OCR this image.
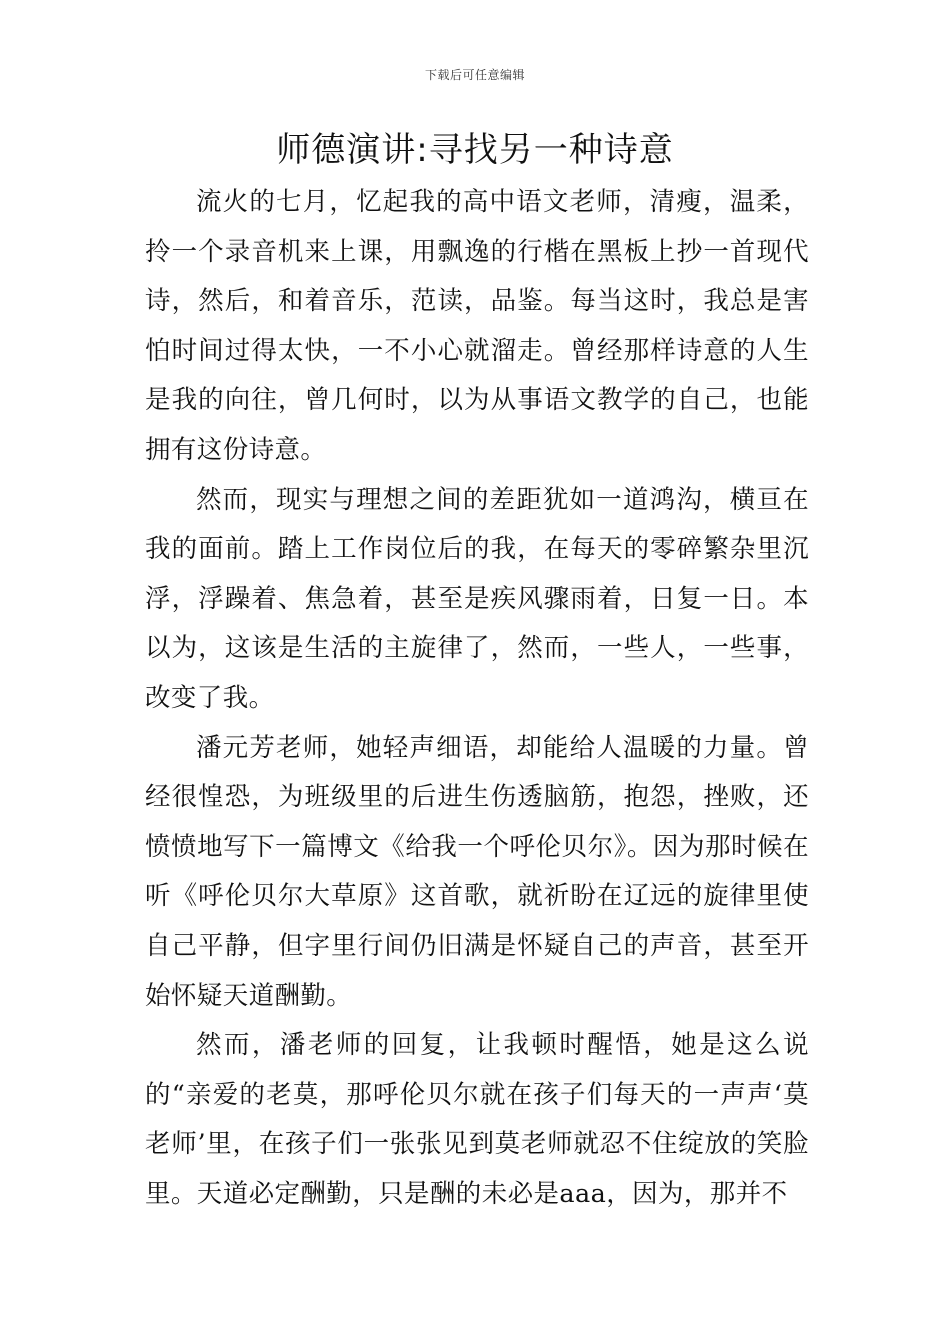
下载后可任意编辑
师德演讲:寻找另一种诗意

流火的七月，忆起我的高中语文老师，清瘦，温柔，拎一个录音机来上课，用飘逸的行楷在黑板上抄一首现代诗，然后，和着音乐，范读，品鉴。每当这时，我总是害怕时间过得太快，一不小心就溜走。曾经那样诗意的人生是我的向往，曾几何时，以为从事语文教学的自己，也能拥有这份诗意。

然而，现实与理想之间的差距犹如一道鸿沟，横亘在我的面前。踏上工作岗位后的我，在每天的零碎繁杂里沉浮，浮躁着、焦急着，甚至是疾风骤雨着，日复一日。本以为，这该是生活的主旋律了，然而，一些人，一些事，改变了我。

潘元芳老师，她轻声细语，却能给人温暖的力量。曾经很惶恐，为班级里的后进生伤透脑筋，抱怨，挫败，还愤愤地写下一篇博文《给我一个呼伦贝尔》。因为那时候在听《呼伦贝尔大草原》这首歌，就祈盼在辽远的旋律里使自己平静，但字里行间仍旧满是怀疑自己的声音，甚至开始怀疑天道酬勤。

然而，潘老师的回复，让我顿时醒悟，她是这么说的“亲爱的老莫，那呼伦贝尔就在孩子们每天的一声声‘莫老师’里，在孩子们一张张见到莫老师就忍不住绽放的笑脸里。天道必定酬勤，只是酬的未必是aaa，因为，那并不
